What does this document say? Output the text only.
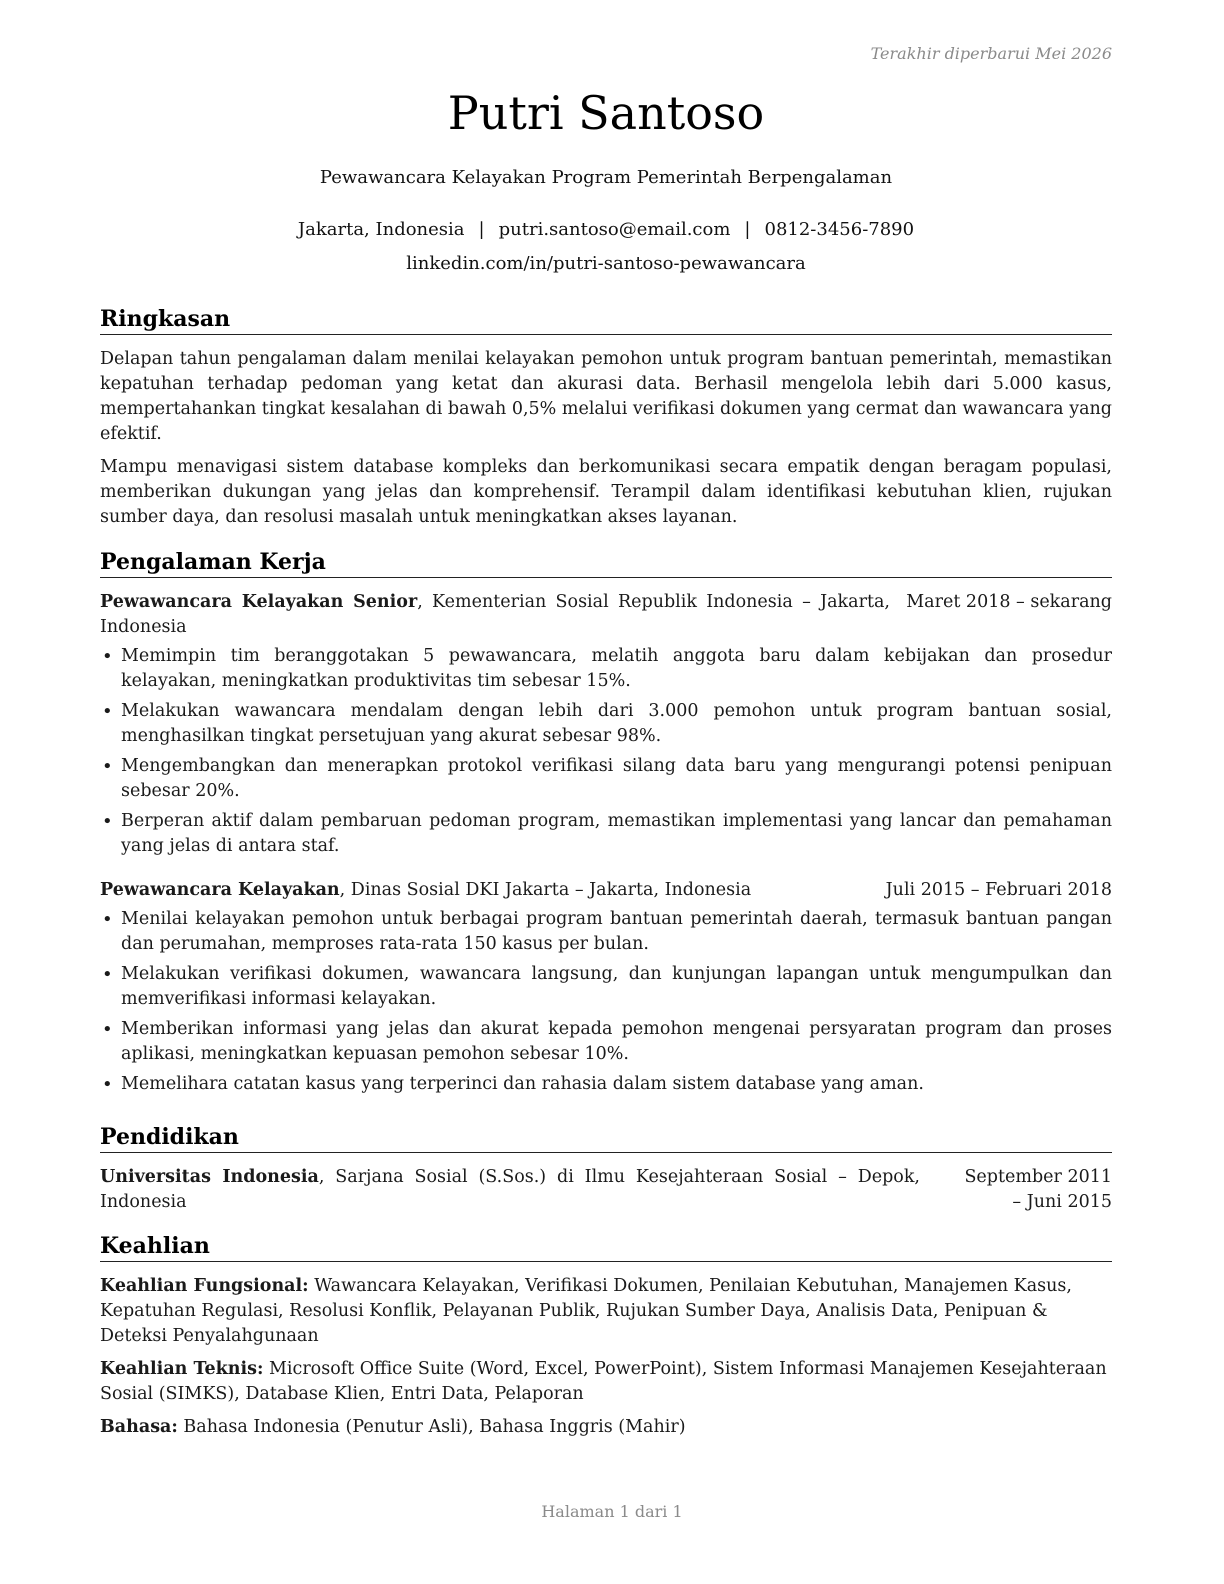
Terakhir diperbarui Mei 2026
Putri Santoso
Pewawancara Kelayakan Program Pemerintah Berpengalaman
Jakarta, Indonesia | putri.santoso@email.com | 0812-3456-7890
linkedin.com/in/putri-santoso-pewawancara
Ringkasan

Delapan tahun pengalaman dalam menilai kelayakan pemohon untuk program bantuan pemerintah, memastikan kepatuhan terhadap pedoman yang ketat dan akurasi data. Berhasil mengelola lebih dari 5.000 kasus, mempertahankan tingkat kesalahan di bawah 0,5% melalui verifikasi dokumen yang cermat dan wawancara yang efektif.

Mampu menavigasi sistem database kompleks dan berkomunikasi secara empatik dengan beragam populasi, memberikan dukungan yang jelas dan komprehensif. Terampil dalam identifikasi kebutuhan klien, rujukan sumber daya, dan resolusi masalah untuk meningkatkan akses layanan.

Pengalaman Kerja
Pewawancara Kelayakan Senior, Kementerian Sosial Republik Indonesia – Jakarta, Indonesia
Maret 2018 – sekarang
• Memimpin tim beranggotakan 5 pewawancara, melatih anggota baru dalam kebijakan dan prosedur kelayakan, meningkatkan produktivitas tim sebesar 15%.
• Melakukan wawancara mendalam dengan lebih dari 3.000 pemohon untuk program bantuan sosial, menghasilkan tingkat persetujuan yang akurat sebesar 98%.
• Mengembangkan dan menerapkan protokol verifikasi silang data baru yang mengurangi potensi penipuan sebesar 20%.
• Berperan aktif dalam pembaruan pedoman program, memastikan implementasi yang lancar dan pemahaman yang jelas di antara staf.
Pewawancara Kelayakan, Dinas Sosial DKI Jakarta – Jakarta, Indonesia	Juli 2015 – Februari 2018
• Menilai kelayakan pemohon untuk berbagai program bantuan pemerintah daerah, termasuk bantuan pangan dan perumahan, memproses rata-rata 150 kasus per bulan.
• Melakukan verifikasi dokumen, wawancara langsung, dan kunjungan lapangan untuk mengumpulkan dan memverifikasi informasi kelayakan.
• Memberikan informasi yang jelas dan akurat kepada pemohon mengenai persyaratan program dan proses aplikasi, meningkatkan kepuasan pemohon sebesar 10%.
• Memelihara catatan kasus yang terperinci dan rahasia dalam sistem database yang aman.
Pendidikan
Universitas Indonesia, Sarjana Sosial (S.Sos.) di Ilmu Kesejahteraan Sosial – Depok, Indonesia
September 2011 – Juni 2015
Keahlian

Keahlian Fungsional: Wawancara Kelayakan, Verifikasi Dokumen, Penilaian Kebutuhan, Manajemen Kasus, Kepatuhan Regulasi, Resolusi Konflik, Pelayanan Publik, Rujukan Sumber Daya, Analisis Data, Penipuan & Deteksi Penyalahgunaan

Keahlian Teknis: Microsoft Office Suite (Word, Excel, PowerPoint), Sistem Informasi Manajemen Kesejahteraan Sosial (SIMKS), Database Klien, Entri Data, Pelaporan

Bahasa: Bahasa Indonesia (Penutur Asli), Bahasa Inggris (Mahir)

Halaman 1 dari 1
